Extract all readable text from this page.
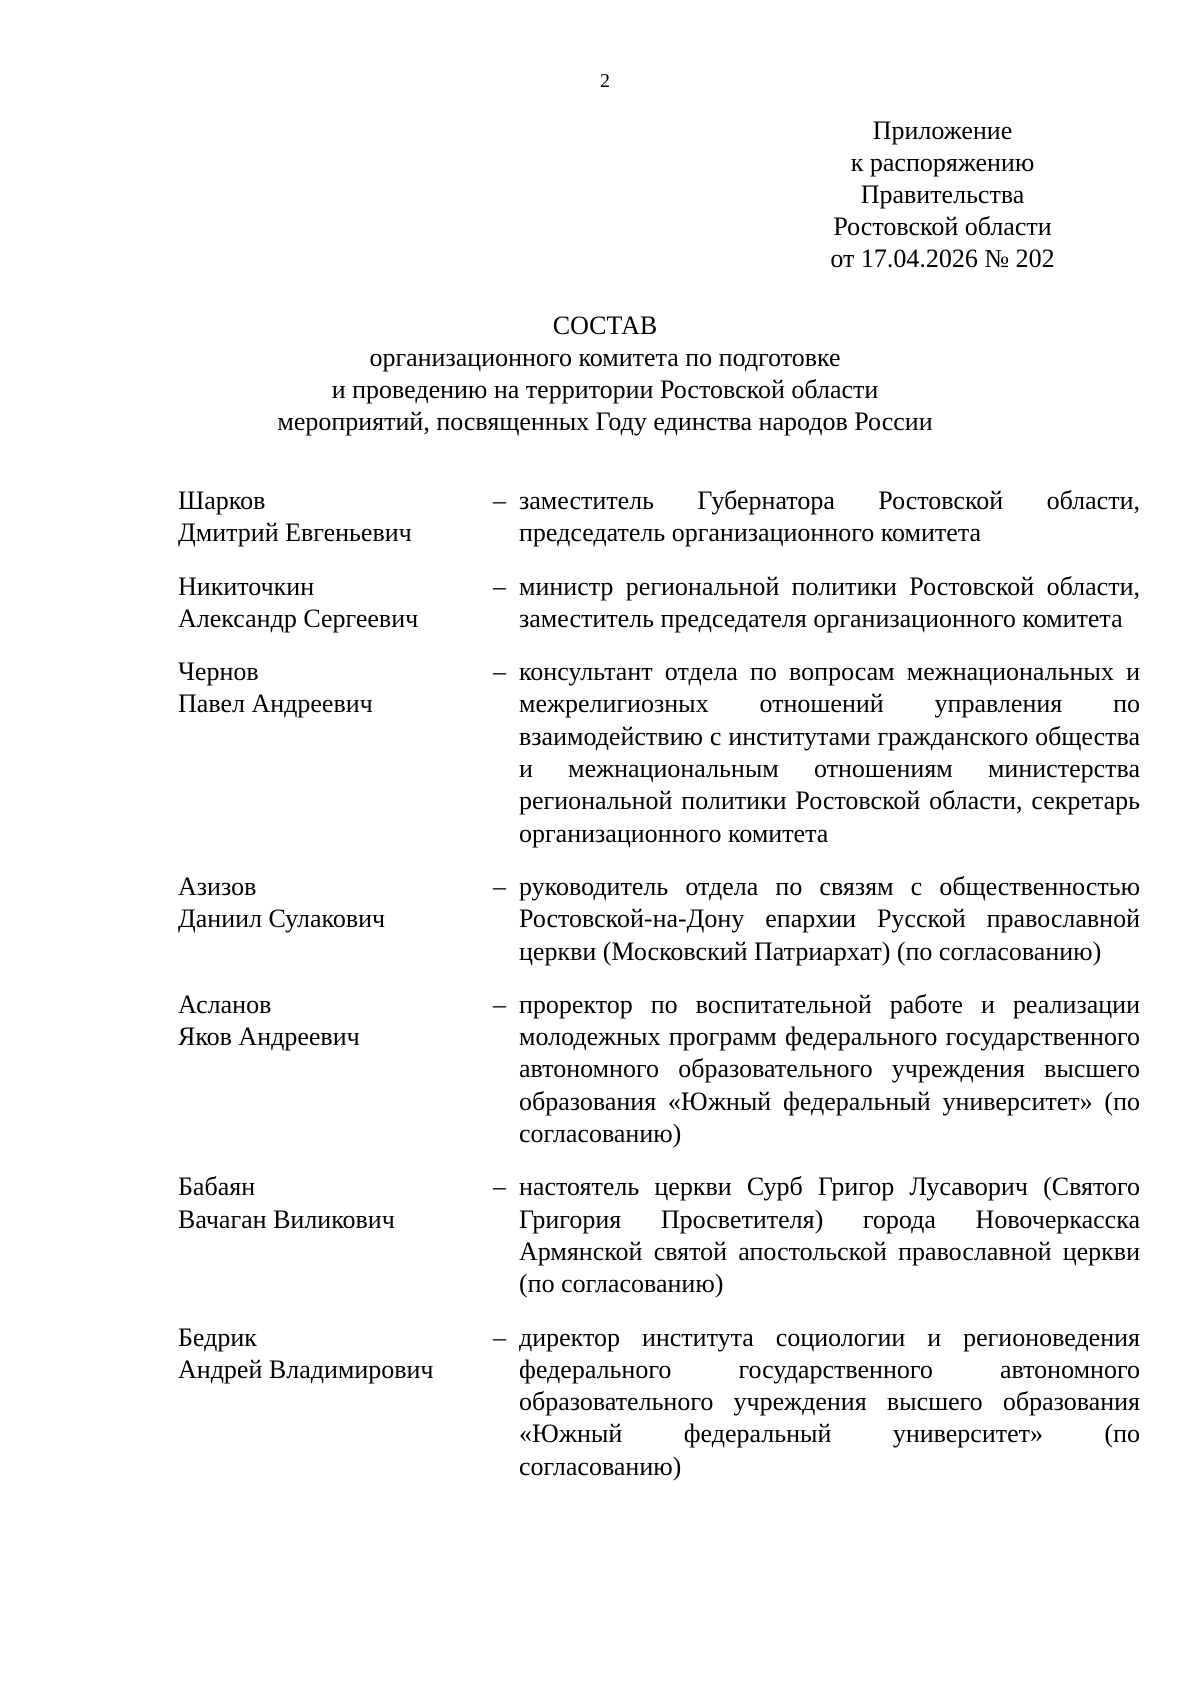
2
Приложение
к распоряжению
Правительства
Ростовской области
от 17.04.2026 № 202
СОСТАВ
организационного комитета по подготовке
и проведению на территории Ростовской области
мероприятий, посвященных Году единства народов России
Шарков
Дмитрий Евгеньевич
– заместитель Губернатора Ростовской области, председатель организационного комитета
Никиточкин
Александр Сергеевич
– министр региональной политики Ростовской области, заместитель председателя организационного комитета
Чернов
Павел Андреевич
– консультант отдела по вопросам межнациональных и межрелигиозных отношений управления по взаимодействию с институтами гражданского общества и межнациональным отношениям министерства региональной политики Ростовской области, секретарь организационного комитета
Азизов
Даниил Сулакович
– руководитель отдела по связям с общественностью Ростовской-на-Дону епархии Русской православной церкви (Московский Патриархат) (по согласованию)
Асланов
Яков Андреевич
– проректор по воспитательной работе и реализации молодежных программ федерального государственного автономного образовательного учреждения высшего образования «Южный федеральный университет» (по согласованию)
Бабаян
Вачаган Виликович
– настоятель церкви Сурб Григор Лусаворич (Святого Григория Просветителя) города Новочеркасска Армянской святой апостольской православной церкви (по согласованию)
Бедрик
Андрей Владимирович
– директор института социологии и регионоведения федерального государственного автономного образовательного учреждения высшего образования «Южный федеральный университет» (по согласованию)
